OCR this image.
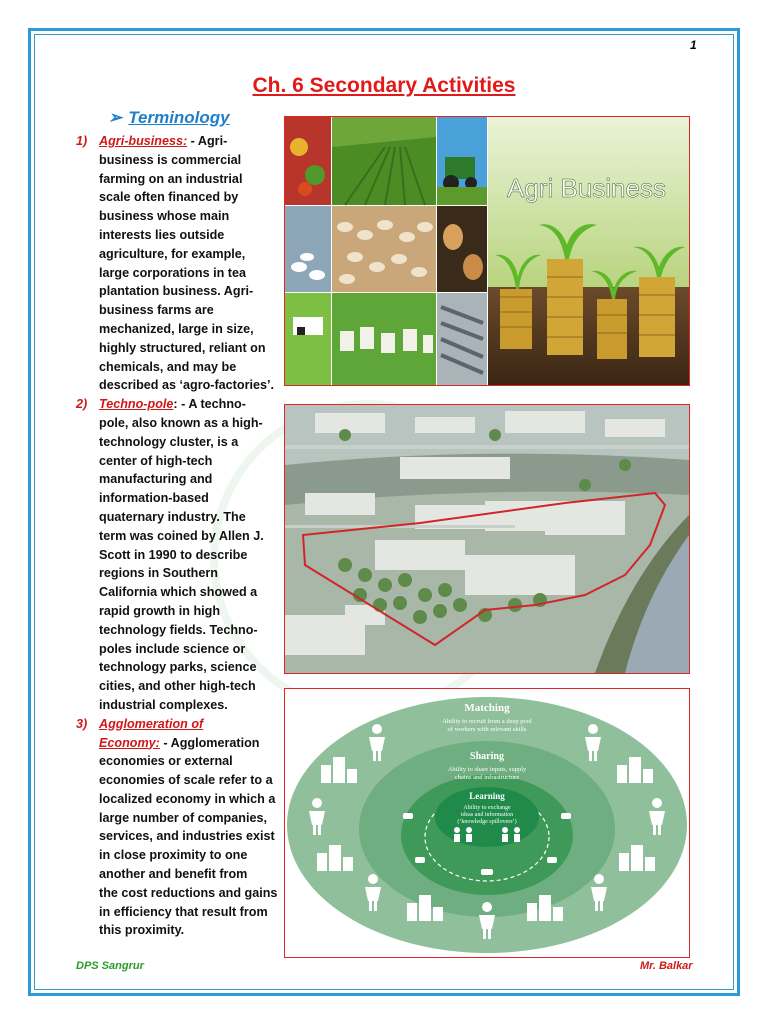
1
Ch. 6 Secondary Activities
➢ Terminology
1) Agri-business: - Agri-
business is commercial
farming on an industrial
scale often financed by
business whose main
interests lies outside
agriculture, for example,
large corporations in tea
plantation business. Agri-
business farms are
mechanized, large in size,
highly structured, reliant on
chemicals, and may be
described as ‘agro-factories’.
2) Techno-pole: - A techno-
pole, also known as a high-
technology cluster, is a
center of high-tech
manufacturing and
information-based
quaternary industry. The
term was coined by Allen J.
Scott in 1990 to describe
regions in Southern
California which showed a
rapid growth in high
technology fields. Techno-
poles include science or
technology parks, science
cities, and other high-tech
industrial complexes.
3) Agglomeration of
Economy: - Agglomeration
economies or external
economies of scale refer to a
localized economy in which a
large number of companies,
services, and industries exist
in close proximity to one
another and benefit from
the cost reductions and gains
in efficiency that result from
this proximity.
Agri Business
Matching
Ability to recruit from a deep pool
of workers with relevant skills
Sharing
Ability to share inputs, supply
chains and infrastructure
Learning
Ability to exchange
ideas and information
(‘knowledge spillovers’)
DPS Sangrur	Mr. Balkar
